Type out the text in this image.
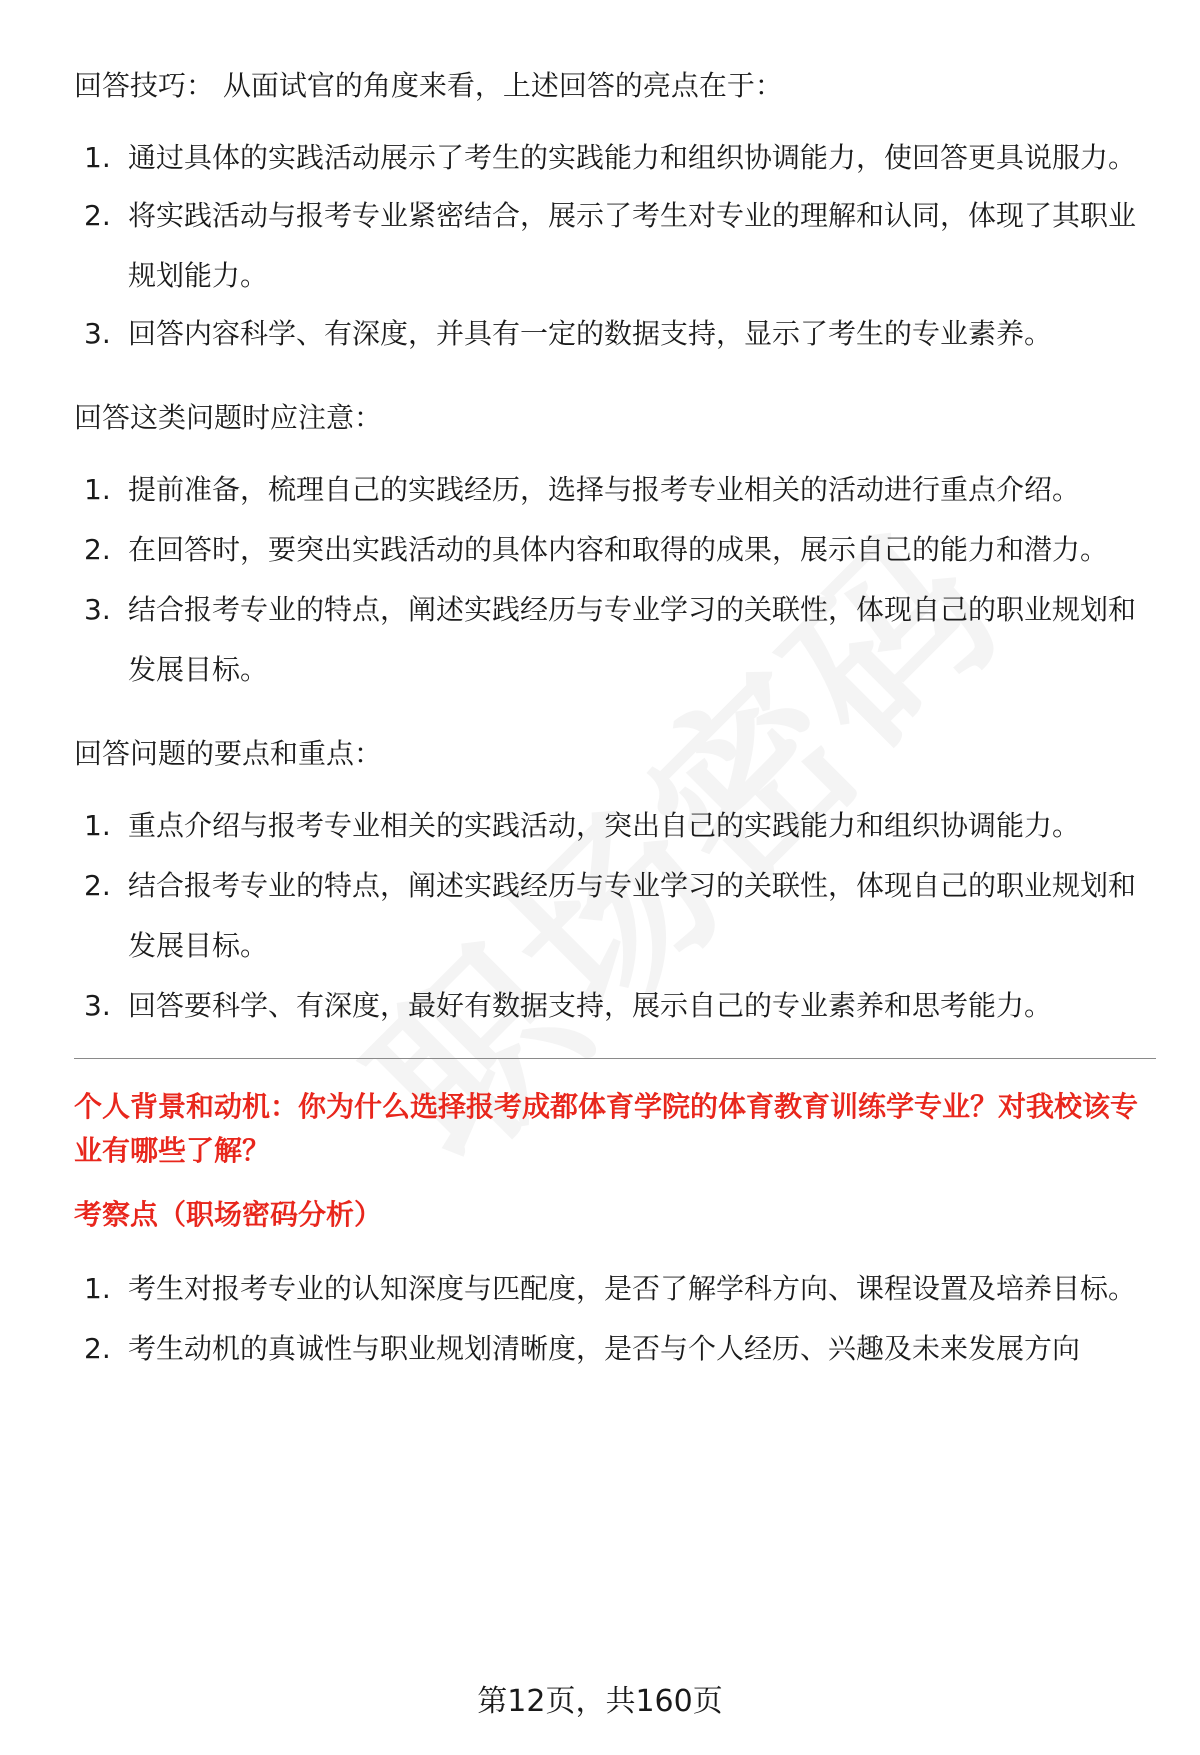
回答技巧： 从面试官的角度来看，上述回答的亮点在于：

1. 通过具体的实践活动展示了考生的实践能力和组织协调能力，使回答更具说服力。
2. 将实践活动与报考专业紧密结合，展示了考生对专业的理解和认同，体现了其职业规划能力。
3. 回答内容科学、有深度，并具有一定的数据支持，显示了考生的专业素养。

回答这类问题时应注意：

1. 提前准备，梳理自己的实践经历，选择与报考专业相关的活动进行重点介绍。
2. 在回答时，要突出实践活动的具体内容和取得的成果，展示自己的能力和潜力。
3. 结合报考专业的特点，阐述实践经历与专业学习的关联性，体现自己的职业规划和发展目标。

回答问题的要点和重点：

1. 重点介绍与报考专业相关的实践活动，突出自己的实践能力和组织协调能力。
2. 结合报考专业的特点，阐述实践经历与专业学习的关联性，体现自己的职业规划和发展目标。
3. 回答要科学、有深度，最好有数据支持，展示自己的专业素养和思考能力。

个人背景和动机：你为什么选择报考成都体育学院的体育教育训练学专业？对我校该专业有哪些了解？

考察点（职场密码分析）

1. 考生对报考专业的认知深度与匹配度，是否了解学科方向、课程设置及培养目标。
2. 考生动机的真诚性与职业规划清晰度，是否与个人经历、兴趣及未来发展方向
第12页，共160页
